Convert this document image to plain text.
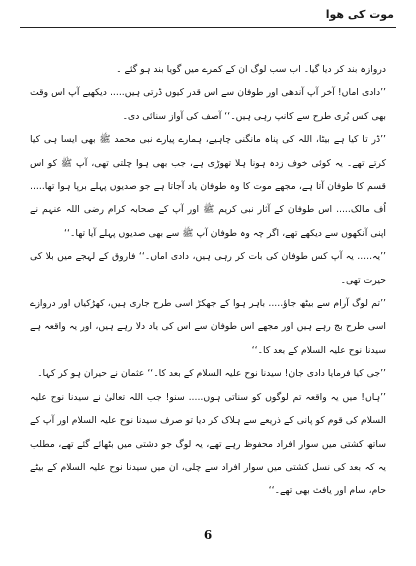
موت کی ھوا

دروازہ بند کر دیا گیا۔ اب سب لوگ ان کے کمرے میں گویا بند ہو گئے ۔

’’دادی اماں! آخر آپ آندھی اور طوفان سے اس قدر کیوں ڈرتی ہیں..... دیکھیے آپ اس وقت بھی کس بُری طرح سے کانپ رہی ہیں۔‘‘ آصف کی آواز سنائی دی۔

’’ڈر تا کیا ہے بیٹا، اللہ کی پناہ مانگنی چاہیے، ہمارے پیارے نبی محمد ﷺ بھی ایسا ہی کیا کرتے تھے۔ یہ کوئی خوف زدہ ہونا ہلا تھوڑی ہے، جب بھی ہوا چلتی تھی، آپ ﷺ کو اس قسم کا طوفان آتا ہے، مجھے موت کا وہ طوفان یاد آجاتا ہے جو صدیوں پہلے برپا ہوا تھا..... اُف مالک..... اس طوفان کے آثار نبی کریم ﷺ اور آپ کے صحابہ کرام رضی اللہ عنہم نے اپنی آنکھوں سے دیکھے تھے، اگر چہ وہ طوفان آپ ﷺ سے بھی صدیوں پہلے آیا تھا۔‘‘

’’یہ..... یہ آپ کس طوفان کی بات کر رہی ہیں، دادی اماں۔‘‘ فاروق کے لہجے میں بلا کی حیرت تھی۔

’’تم لوگ آرام سے بیٹھ جاؤ..... باہر ہوا کے جھکڑ اسی طرح جاری ہیں، کھڑکیاں اور دروازے اسی طرح بج رہے ہیں اور مجھے اس طوفان سے اس کی یاد دلا رہے ہیں، اور یہ واقعہ ہے سیدنا نوح علیہ السلام کے بعد کا۔‘‘

’’جی کیا فرمایا دادی جان! سیدنا نوح علیہ السلام کے بعد کا۔‘‘ عثمان نے حیران ہو کر کہا۔

’’ہاں! میں یہ واقعہ تم لوگوں کو سناتی ہوں..... سنو! جب اللہ تعالیٰ نے سیدنا نوح علیہ السلام کی قوم کو پانی کے ذریعے سے ہلاک کر دیا تو صرف سیدنا نوح علیہ السلام اور آپ کے ساتھ کشتی میں سوار افراد محفوظ رہے تھے، یہ لوگ جو دشتی میں بٹھائے گئے تھے، مطلب یہ کہ بعد کی نسل کشتی میں سوار افراد سے چلی، ان میں سیدنا نوح علیہ السلام کے بیٹے حام، سام اور یافث بھی تھے۔‘‘

6
